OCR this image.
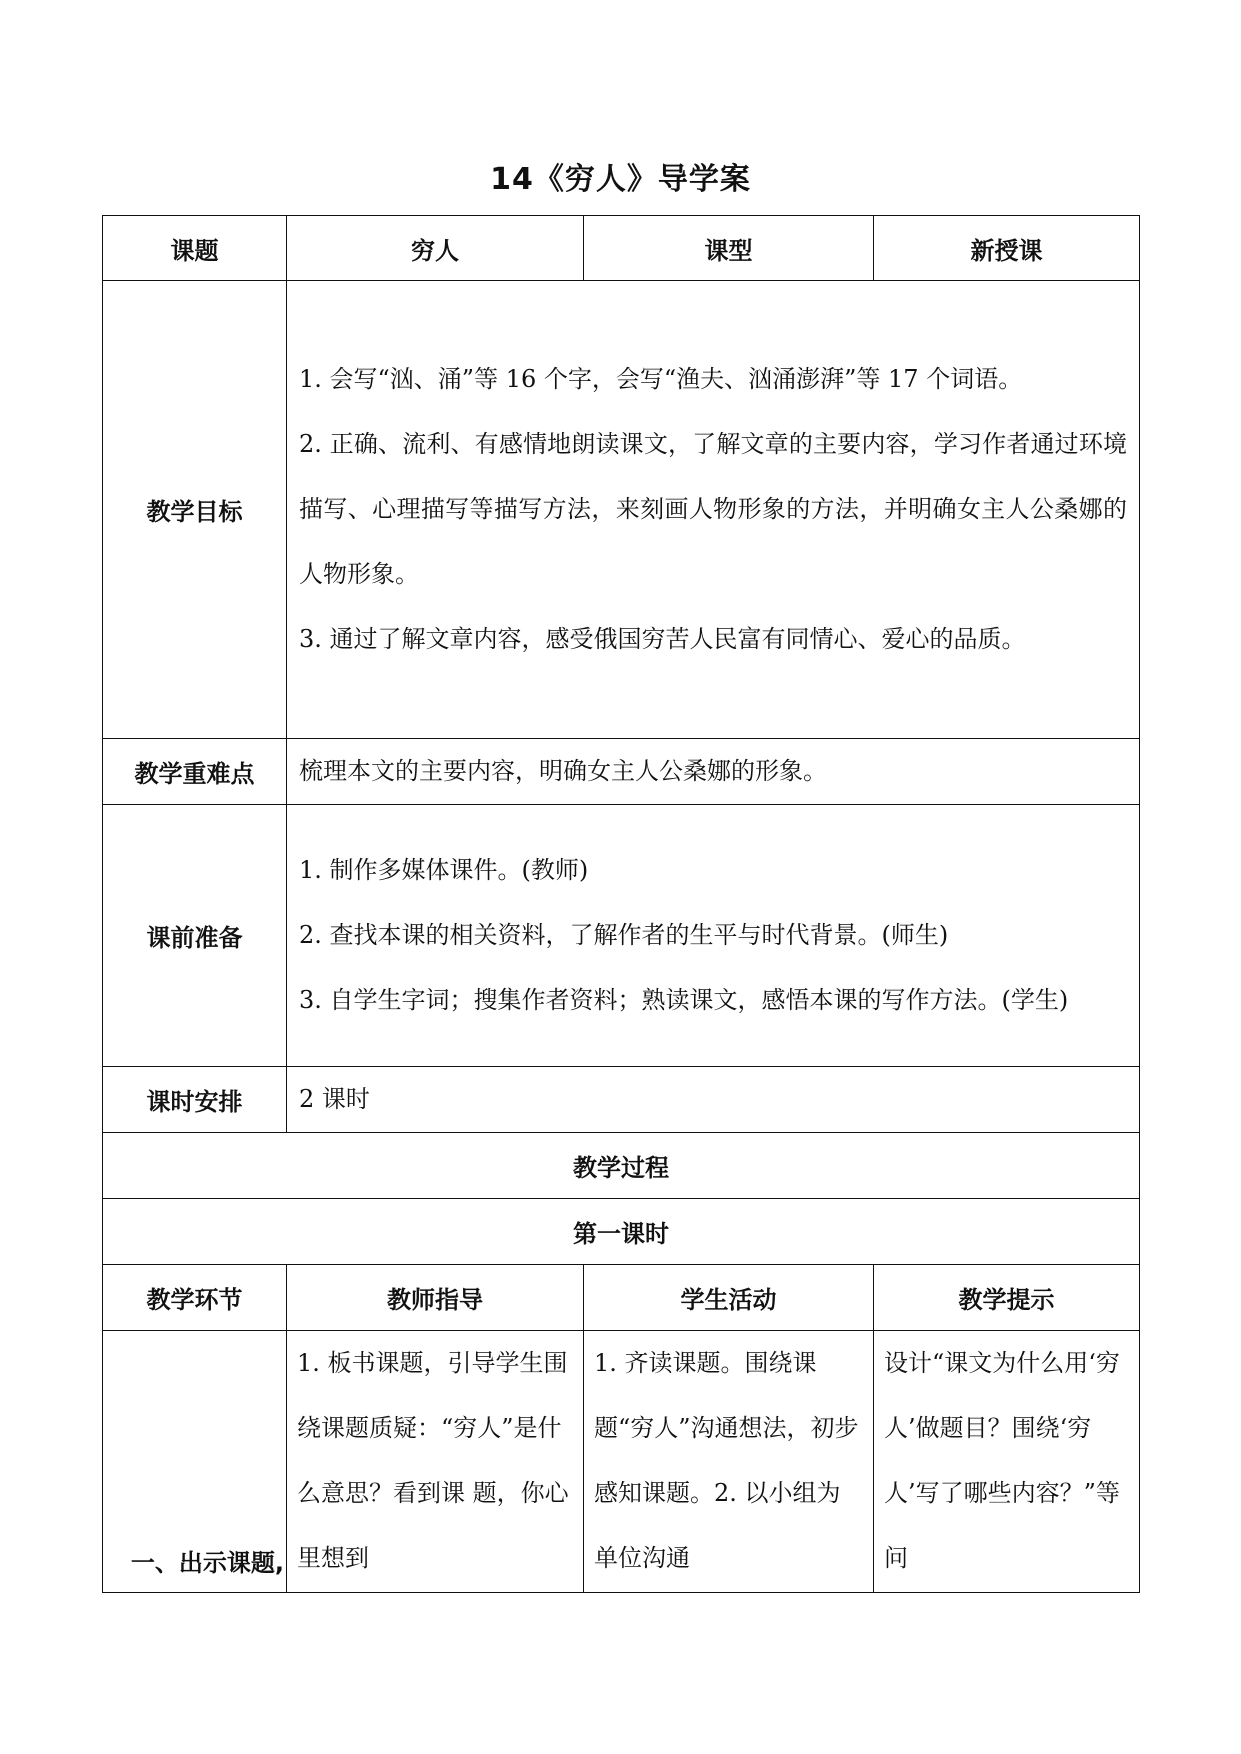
14《穷人》导学案
课题	穷人	课型	新授课
教学目标	1. 会写“汹、涌”等 16 个字，会写“渔夫、汹涌澎湃”等 17 个词语。

2. 正确、流利、有感情地朗读课文，了解文章的主要内容，学习作者通过环境描写、心理描写等描写方法，来刻画人物形象的方法，并明确女主人公桑娜的人物形象。

3. 通过了解文章内容，感受俄国穷苦人民富有同情心、爱心的品质。		

教学重难点	梳理本文的主要内容，明确女主人公桑娜的形象。		
课前准备	1. 制作多媒体课件。(教师)

2. 查找本课的相关资料，了解作者的生平与时代背景。(师生)

3. 自学生字词；搜集作者资料；熟读课文，感悟本课的写作方法。(学生)		

课时安排	2 课时		
教学过程			
第一课时			
教学环节	教师指导	学生活动	教学提示
一、出示课题,	1. 板书课题，引导学生围绕课题质疑：“穷人”是什么意思？看到课 题，你心里想到	1. 齐读课题。围绕课题“穷人”沟通想法，初步感知课题。2. 以小组为单位沟通	设计“课文为什么用‘穷人’做题目？围绕‘穷人’写了哪些内容？”等问
